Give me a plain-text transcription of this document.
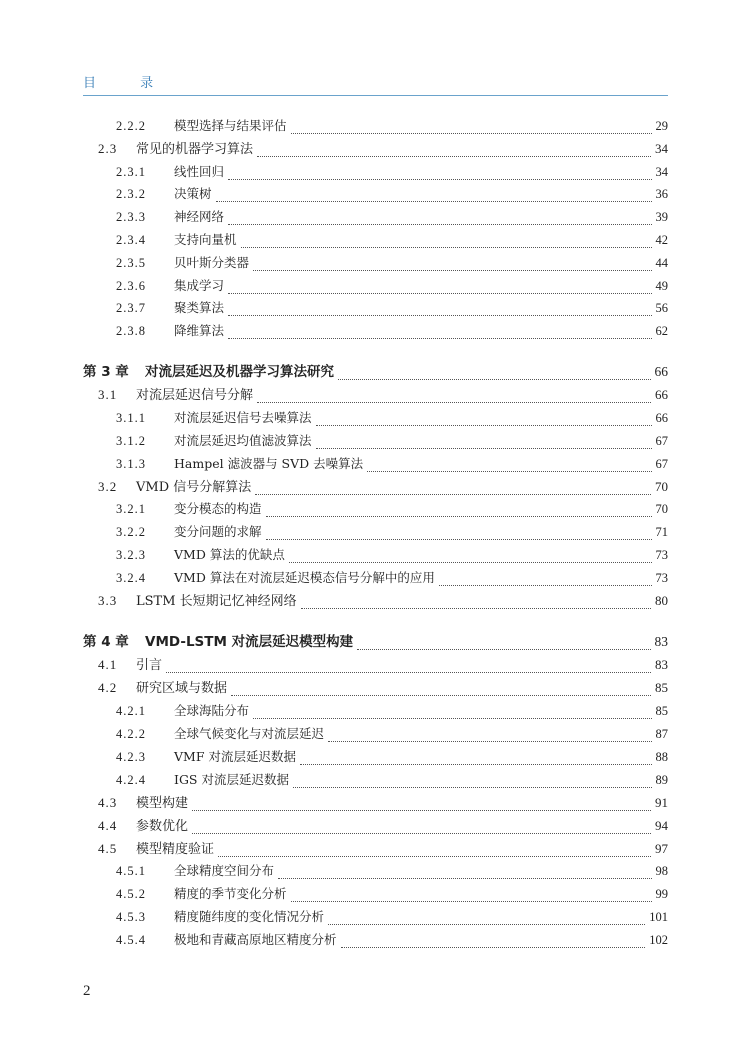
目 录
2.2.2	模型选择与结果评估	29
2.3	常见的机器学习算法	34
2.3.1	线性回归	34
2.3.2	决策树	36
2.3.3	神经网络	39
2.3.4	支持向量机	42
2.3.5	贝叶斯分类器	44
2.3.6	集成学习	49
2.3.7	聚类算法	56
2.3.8	降维算法	62
第 3 章	对流层延迟及机器学习算法研究	66
3.1	对流层延迟信号分解	66
3.1.1	对流层延迟信号去噪算法	66
3.1.2	对流层延迟均值滤波算法	67
3.1.3	Hampel 滤波器与 SVD 去噪算法	67
3.2	VMD 信号分解算法	70
3.2.1	变分模态的构造	70
3.2.2	变分问题的求解	71
3.2.3	VMD 算法的优缺点	73
3.2.4	VMD 算法在对流层延迟模态信号分解中的应用	73
3.3	LSTM 长短期记忆神经网络	80
第 4 章	VMD-LSTM 对流层延迟模型构建	83
4.1	引言	83
4.2	研究区域与数据	85
4.2.1	全球海陆分布	85
4.2.2	全球气候变化与对流层延迟	87
4.2.3	VMF 对流层延迟数据	88
4.2.4	IGS 对流层延迟数据	89
4.3	模型构建	91
4.4	参数优化	94
4.5	模型精度验证	97
4.5.1	全球精度空间分布	98
4.5.2	精度的季节变化分析	99
4.5.3	精度随纬度的变化情况分析	101
4.5.4	极地和青藏高原地区精度分析	102
2
